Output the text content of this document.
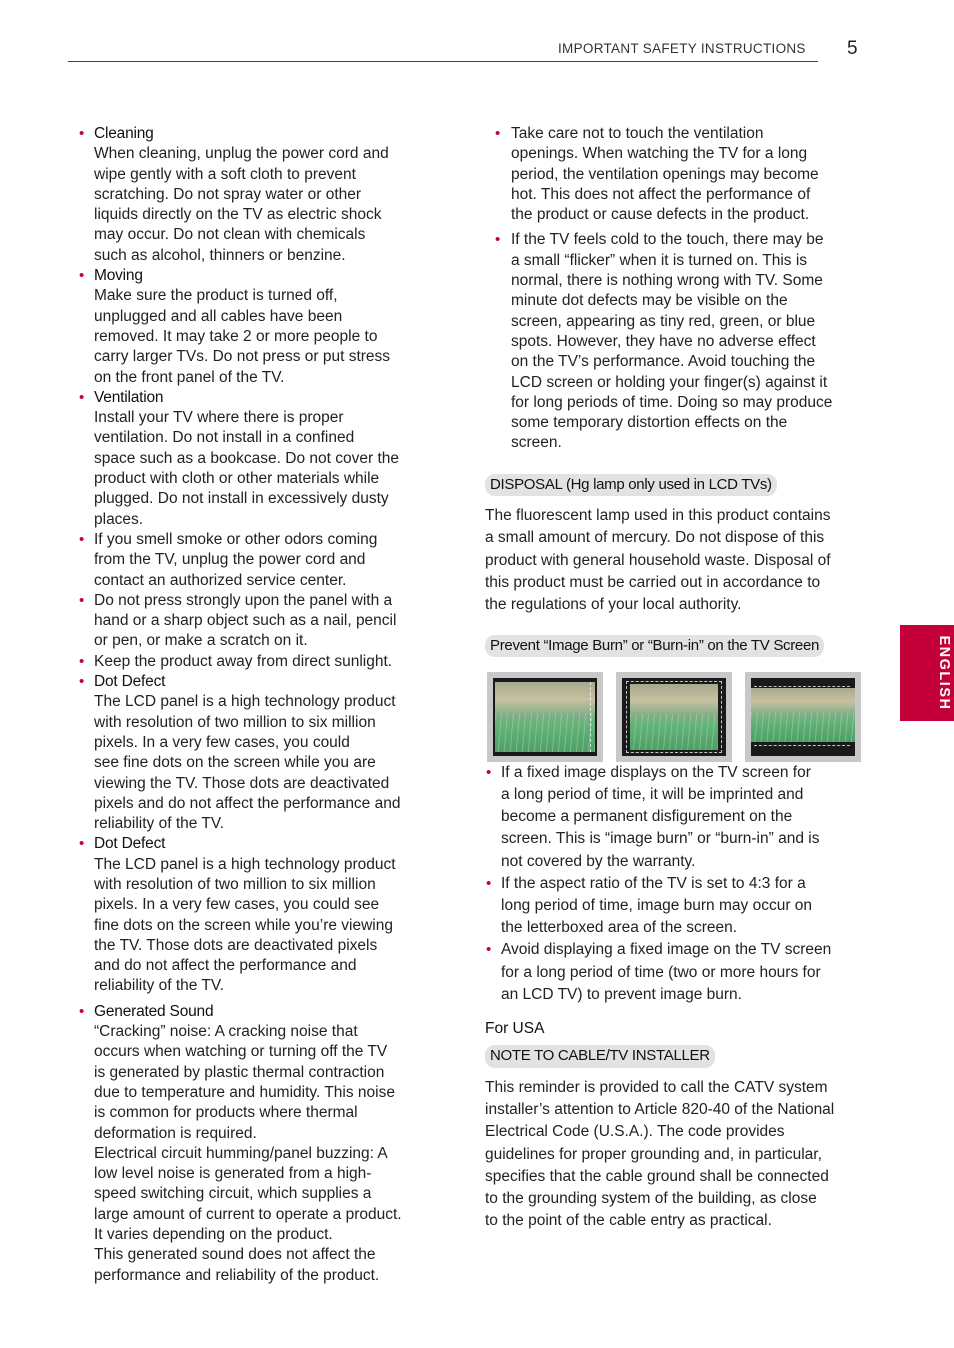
IMPORTANT SAFETY INSTRUCTIONS 5
ENGLISH
• Cleaning
When cleaning, unplug the power cord and
wipe gently with a soft cloth to prevent
scratching. Do not spray water or other
liquids directly on the TV as electric shock
may occur. Do not clean with chemicals
such as alcohol, thinners or benzine.
• Moving
Make sure the product is turned off,
unplugged and all cables have been
removed. It may take 2 or more people to
carry larger TVs. Do not press or put stress
on the front panel of the TV.
• Ventilation
Install your TV where there is proper
ventilation. Do not install in a confined
space such as a bookcase. Do not cover the
product with cloth or other materials while
plugged. Do not install in excessively dusty
places.
• If you smell smoke or other odors coming
from the TV, unplug the power cord and
contact an authorized service center.
• Do not press strongly upon the panel with a
hand or a sharp object such as a nail, pencil
or pen, or make a scratch on it.
• Keep the product away from direct sunlight.
• Dot Defect
The LCD panel is a high technology product
with resolution of two million to six million
pixels. In a very few cases, you could
see fine dots on the screen while you are
viewing the TV. Those dots are deactivated
pixels and do not affect the performance and
reliability of the TV.
• Dot Defect
The LCD panel is a high technology product
with resolution of two million to six million
pixels. In a very few cases, you could see
fine dots on the screen while you’re viewing
the TV. Those dots are deactivated pixels
and do not affect the performance and
reliability of the TV.
• Generated Sound
“Cracking” noise: A cracking noise that
occurs when watching or turning off the TV
is generated by plastic thermal contraction
due to temperature and humidity. This noise
is common for products where thermal
deformation is required.
Electrical circuit humming/panel buzzing: A
low level noise is generated from a high-
speed switching circuit, which supplies a
large amount of current to operate a product.
It varies depending on the product.
This generated sound does not affect the
performance and reliability of the product.
• Take care not to touch the ventilation
openings. When watching the TV for a long
period, the ventilation openings may become
hot. This does not affect the performance of
the product or cause defects in the product.
• If the TV feels cold to the touch, there may be
a small “flicker” when it is turned on. This is
normal, there is nothing wrong with TV. Some
minute dot defects may be visible on the
screen, appearing as tiny red, green, or blue
spots. However, they have no adverse effect
on the TV’s performance. Avoid touching the
LCD screen or holding your finger(s) against it
for long periods of time. Doing so may produce
some temporary distortion effects on the
screen.
DISPOSAL (Hg lamp only used in LCD TVs)
The fluorescent lamp used in this product contains
a small amount of mercury. Do not dispose of this
product with general household waste. Disposal of
this product must be carried out in accordance to
the regulations of your local authority.
Prevent “Image Burn” or “Burn-in” on the TV Screen
• If a fixed image displays on the TV screen for
a long period of time, it will be imprinted and
become a permanent disfigurement on the
screen. This is “image burn” or “burn-in” and is
not covered by the warranty.
• If the aspect ratio of the TV is set to 4:3 for a
long period of time, image burn may occur on
the letterboxed area of the screen.
• Avoid displaying a fixed image on the TV screen
for a long period of time (two or more hours for
an LCD TV) to prevent image burn.
For USA
NOTE TO CABLE/TV INSTALLER
This reminder is provided to call the CATV system
installer’s attention to Article 820-40 of the National
Electrical Code (U.S.A.). The code provides
guidelines for proper grounding and, in particular,
specifies that the cable ground shall be connected
to the grounding system of the building, as close
to the point of the cable entry as practical.
